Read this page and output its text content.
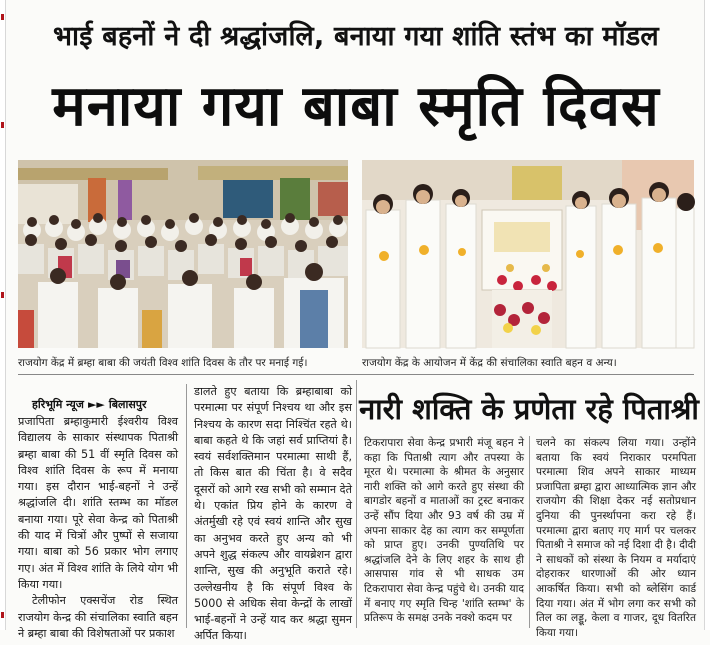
भाई बहनों ने दी श्रद्धांजलि, बनाया गया शांति स्तंभ का मॉडल
मनाया गया बाबा स्मृति दिवस
राजयोग केंद्र में ब्रम्हा बाबा की जयंती विश्व शांति दिवस के तौर पर मनाई गई।	राजयोग केंद्र के आयोजन में केंद्र की संचालिका स्वाति बहन व अन्य।
हरिभूमि न्यूज ►► बिलासपुर

प्रजापिता ब्रम्हाकुमारी ईश्वरीय विश्व विद्यालय के साकार संस्थापक पिताश्री ब्रम्हा बाबा की 51 वीं स्मृति दिवस को विश्व शांति दिवस के रूप में मनाया गया। इस दौरान भाई-बहनों ने उन्हें श्रद्धांजलि दी। शांति स्तम्भ का मॉडल बनाया गया। पूरे सेवा केन्द्र को पिताश्री की याद में चित्रों और पुष्पों से सजाया गया। बाबा को 56 प्रकार भोग लगाए गए। अंत में विश्व शांति के लिये योग भी किया गया।

टेलीफोन एक्सचेंज रोड स्थित राजयोग केन्द्र की संचालिका स्वाति बहन ने ब्रम्हा बाबा की विशेषताओं पर प्रकाश

डालते हुए बताया कि ब्रम्हाबाबा को परमात्मा पर संपूर्ण निश्चय था और इस निश्चय के कारण सदा निश्चिंत रहते थे। बाबा कहते थे कि जहां सर्व प्राप्तियां है। स्वयं सर्वशक्तिमान परमात्मा साथी हैं, तो किस बात की चिंता है। वे सदैव दूसरों को आगे रख सभी को सम्मान देते थे। एकांत प्रिय होने के कारण वे अंतर्मुखी रहे एवं स्वयं शान्ति और सुख का अनुभव करते हुए अन्य को भी अपने शुद्ध संकल्प और वायब्रेशन द्वारा शान्ति, सुख की अनुभूति कराते रहे। उल्लेखनीय है कि संपूर्ण विश्व के 5000 से अधिक सेवा केन्द्रों के लाखों भाई-बहनों ने उन्हें याद कर श्रद्धा सुमन अर्पित किया।

नारी शक्ति के प्रणेता रहे पिताश्री

टिकरापारा सेवा केन्द्र प्रभारी मंजू बहन ने कहा कि पिताश्री त्याग और तपस्या के मूरत थे। परमात्मा के श्रीमत के अनुसार नारी शक्ति को आगे करते हुए संस्था की बागडोर बहनों व माताओं का ट्रस्ट बनाकर उन्हें सौंप दिया और 93 वर्ष की उम्र में अपना साकार देह का त्याग कर सम्पूर्णता को प्राप्त हुए। उनकी पुण्यतिथि पर श्रद्धांजलि देने के लिए शहर के साथ ही आसपास गांव से भी साधक उम टिकरापारा सेवा केन्द्र पहुंचे थे। उनकी याद में बनाए गए स्मृति चिन्ह 'शांति स्तम्भ' के प्रतिरूप के समक्ष उनके नक्शे कदम पर

चलने का संकल्प लिया गया। उन्होंने बताया कि स्वयं निराकार परमपिता परमात्मा शिव अपने साकार माध्यम प्रजापिता ब्रम्हा द्वारा आध्यात्मिक ज्ञान और राजयोग की शिक्षा देकर नई सतोप्रधान दुनिया की पुनर्स्थापना करा रहे हैं। परमात्मा द्वारा बताए गए मार्ग पर चलकर पिताश्री ने समाज को नई दिशा दी है। दीदी ने साधकों को संस्था के नियम व मर्यादाएं दोहराकर धारणाओं की ओर ध्यान आकर्षित किया। सभी को ब्लेसिंग कार्ड दिया गया। अंत में भोग लगा कर सभी को तिल का लड्डू, केला व गाजर, दूध वितरित किया गया।
